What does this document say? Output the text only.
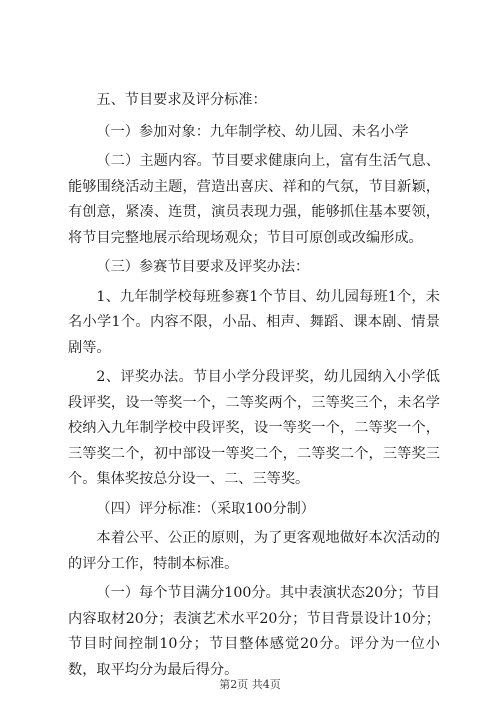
五、节目要求及评分标准：

（一）参加对象：九年制学校、幼儿园、未名小学

（二）主题内容。节目要求健康向上，富有生活气息、能够围绕活动主题，营造出喜庆、祥和的气氛，节目新颖，有创意，紧凑、连贯，演员表现力强，能够抓住基本要领，将节目完整地展示给现场观众；节目可原创或改编形成。

（三）参赛节目要求及评奖办法：

1、九年制学校每班参赛1个节目、幼儿园每班1个，未名小学1个。内容不限，小品、相声、舞蹈、课本剧、情景剧等。

2、评奖办法。节目小学分段评奖，幼儿园纳入小学低段评奖，设一等奖一个，二等奖两个，三等奖三个，未名学校纳入九年制学校中段评奖，设一等奖一个，二等奖一个，三等奖二个，初中部设一等奖二个，二等奖二个，三等奖三个。集体奖按总分设一、二、三等奖。

（四）评分标准：（采取100分制）

本着公平、公正的原则，为了更客观地做好本次活动的的评分工作，特制本标准。

（一）每个节目满分100分。其中表演状态20分；节目内容取材20分；表演艺术水平20分；节目背景设计10分；节目时间控制10分；节目整体感觉20分。评分为一位小数，取平均分为最后得分。

第2页 共4页
